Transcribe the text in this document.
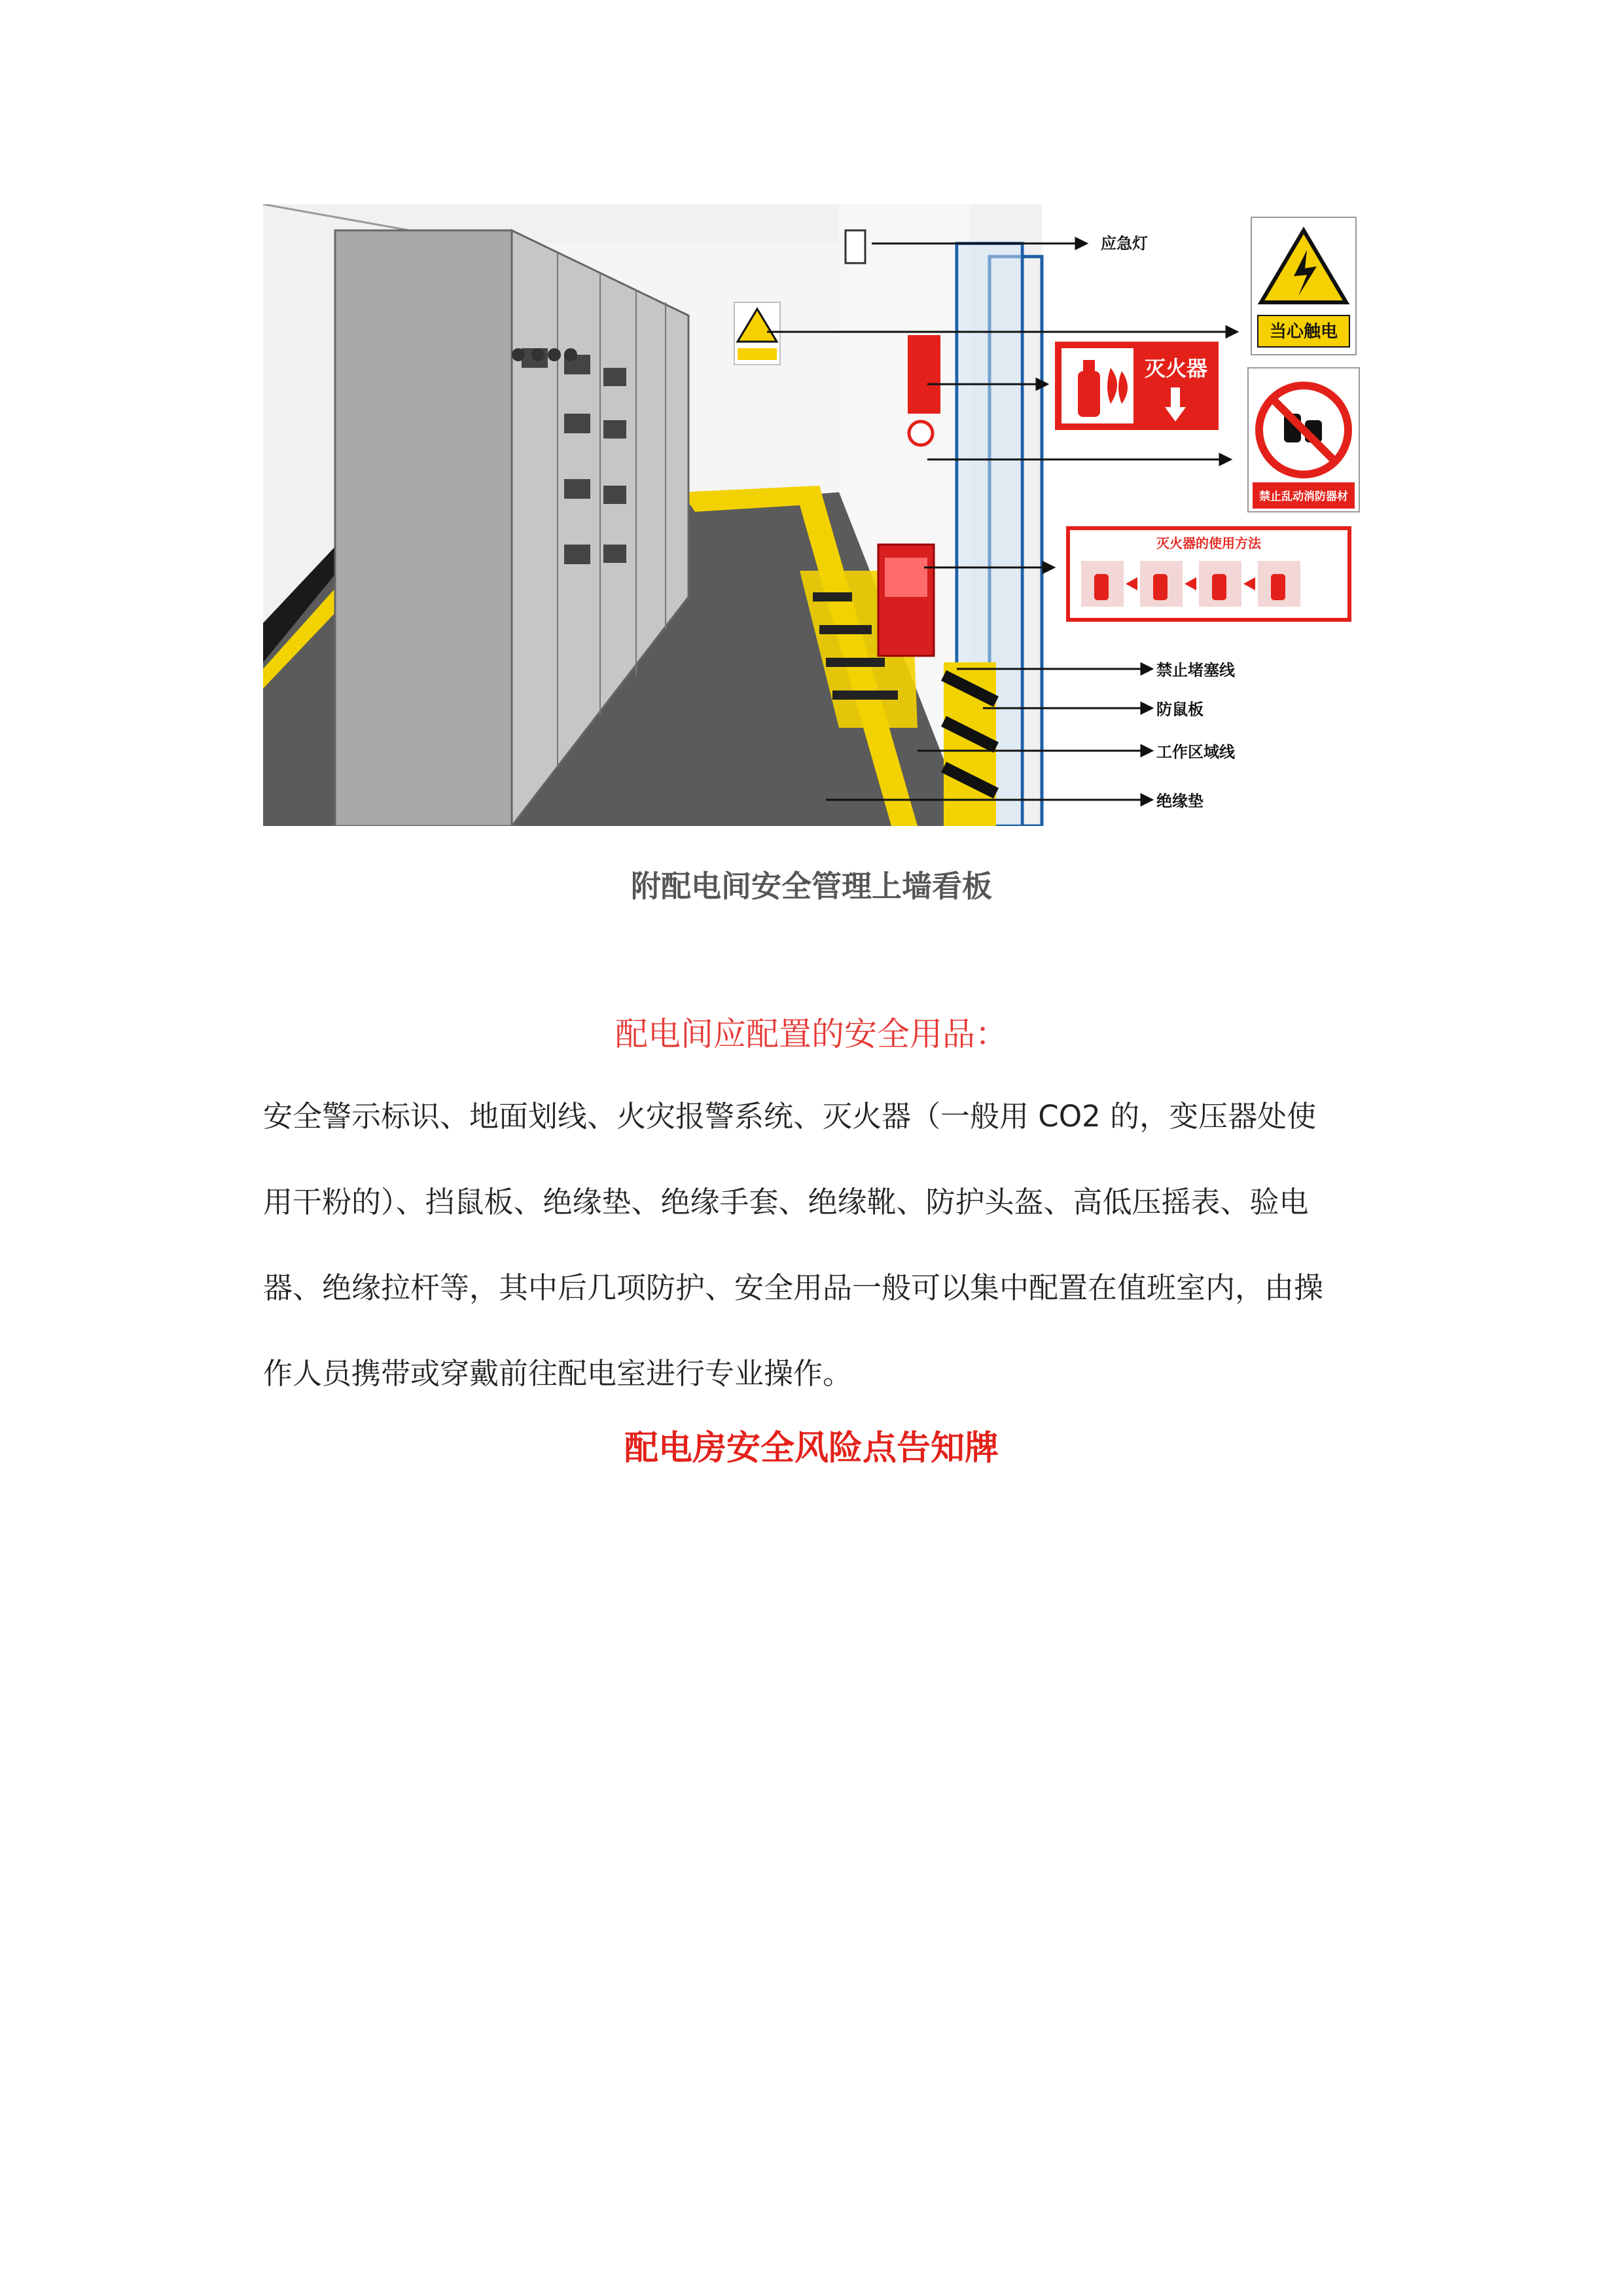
应急灯
禁止堵塞线
防鼠板
工作区域线
绝缘垫
当心触电
灭火器
禁止乱动消防器材
灭火器的使用方法
附配电间安全管理上墙看板
配电间应配置的安全用品：
安全警示标识、地面划线、火灾报警系统、灭火器（一般用 CO2 的，变压器处使
用干粉的）、挡鼠板、绝缘垫、绝缘手套、绝缘靴、防护头盔、高低压摇表、验电
器、绝缘拉杆等，其中后几项防护、安全用品一般可以集中配置在值班室内，由操
作人员携带或穿戴前往配电室进行专业操作。
配电房安全风险点告知牌
